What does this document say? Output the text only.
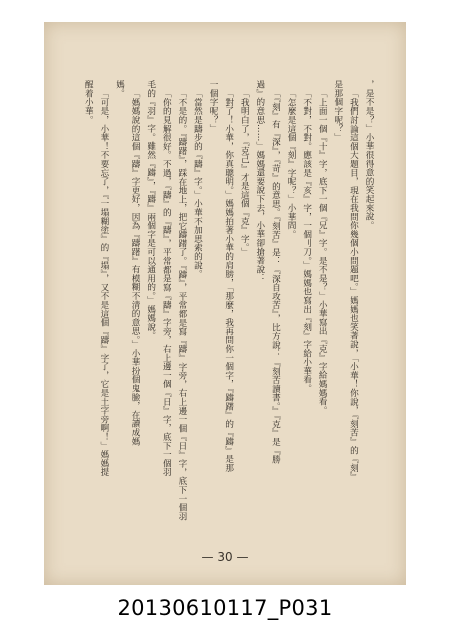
，是不是？」小華很得意的笑起來說。

「我們討論這個大題目，現在我問你幾個小問題吧。」媽媽也笑著說，「小華！你說，『刻苦』的『刻』

是那個字呢？」

「上面一個『十』字，底下一個『兄』字。是不是？」小華寫出『克』字給媽媽看。

「不對，不對。應該是『亥』字，一個刂刀。」媽媽也寫出『刻』字給小華看。

「怎麼是這個『刻』字呢？」小華問。

「『刻』有『深』，『苛』的意思。『刻苦』是：『深自攻苦』，比方說：『刻苦讀書。』『克』是『勝

過』的意思……」媽媽還要說下去，小華卻搶著說：

「我明白了，『克己』才是這個『克』字。」

「對了！小華，你真聰明。」媽媽拍著小華的肩膀，「那麼，我再問你一個字，『躊躇』的『躊』是那

一個字呢？」

「當然是躊步的『躊』字。」小華不加思索的說。

「不是的。『躊躇』，踩在地上，把它躊躇了。『躊』，平常都是寫『躊』字旁，右上邊一個『日』字，底下一個羽

「你的見解很好。不過，『躊』的『躊』，平常都是寫『躊』字旁，右上邊一個『日』字，底下一個羽

毛的『羽』字。雖然『躊』，『躊』兩個字是可以通用的。」媽媽說。

「媽媽說的這個『躊』字更好，因為『躊躇』有模糊不清的意思。」小華扮個鬼臉，在讀成媽

媽。

「可是，小華！不要忘了，『一塌糊塗』的『塌』，又不是這個『躊』字了，它是土字旁啊！」媽媽提

醒着小華。

— 30 —
20130610117_P031
